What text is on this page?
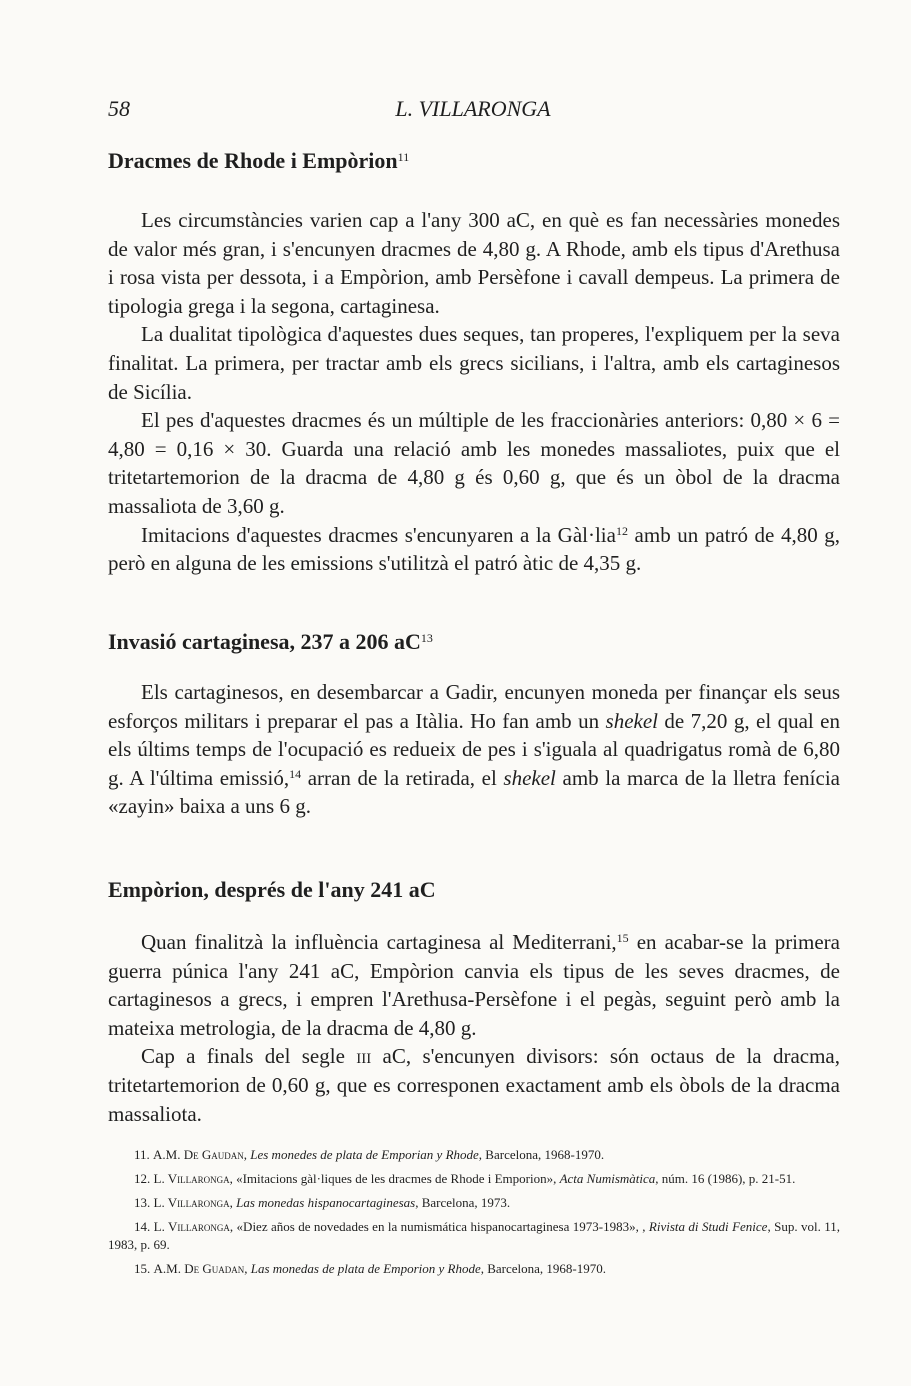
58	L. VILLARONGA
Dracmes de Rhode i Empòrion$^{11}$

Les circumstàncies varien cap a l'any 300 aC, en què es fan necessàries monedes de valor més gran, i s'encunyen dracmes de 4,80 g. A Rhode, amb els tipus d'Arethusa i rosa vista per dessota, i a Empòrion, amb Persèfone i cavall dempeus. La primera de tipologia grega i la segona, cartaginesa.

La dualitat tipològica d'aquestes dues seques, tan properes, l'expliquem per la seva finalitat. La primera, per tractar amb els grecs sicilians, i l'altra, amb els cartaginesos de Sicília.

El pes d'aquestes dracmes és un múltiple de les fraccionàries anteriors: 0,80 × 6 = 4,80 = 0,16 × 30. Guarda una relació amb les monedes massaliotes, puix que el tritetartemorion de la dracma de 4,80 g és 0,60 g, que és un òbol de la dracma massaliota de 3,60 g.

Imitacions d'aquestes dracmes s'encunyaren a la Gàl·lia$^{12}$ amb un patró de 4,80 g, però en alguna de les emissions s'utilitzà el patró àtic de 4,35 g.

Invasió cartaginesa, 237 a 206 $aC^{13}$

Els cartaginesos, en desembarcar a Gadir, encunyen moneda per finançar els seus esforços militars i preparar el pas a Itàlia. Ho fan amb un shekel de 7,20 g, el qual en els últims temps de l'ocupació es redueix de pes i s'iguala al quadrigatus romà de 6,80 g. A l'última emissió,$^{14}$ arran de la retirada, el shekel amb la marca de la lletra fenícia «zayin» baixa a uns 6 g.

Empòrion, després de l'any 241 aC

Quan finalitzà la influència cartaginesa al Mediterrani,$^{15}$ en acabar-se la primera guerra púnica l'any 241 aC, Empòrion canvia els tipus de les seves dracmes, de cartaginesos a grecs, i empren l'Arethusa-Persèfone i el pegàs, seguint però amb la mateixa metrologia, de la dracma de 4,80 g.

Cap a finals del segle iii aC, s'encunyen divisors: són octaus de la dracma, tritetartemorion de 0,60 g, que es corresponen exactament amb els òbols de la dracma massaliota.

11. A.M. De Gaudan, Les monedes de plata de Emporian y Rhode, Barcelona, 1968-1970.

12. L. Villaronga, «Imitacions gàl·liques de les dracmes de Rhode i Emporion», Acta Numismàtica, núm. 16 (1986), p. 21-51.

13. L. Villaronga, Las monedas hispanocartaginesas, Barcelona, 1973.

14. L. Villaronga, «Diez años de novedades en la numismática hispanocartaginesa 1973-1983», , Rivista di Studi Fenice, Sup. vol. 11, 1983, p. 69.

15. A.M. De Guadan, Las monedas de plata de Emporion y Rhode, Barcelona, 1968-1970.
